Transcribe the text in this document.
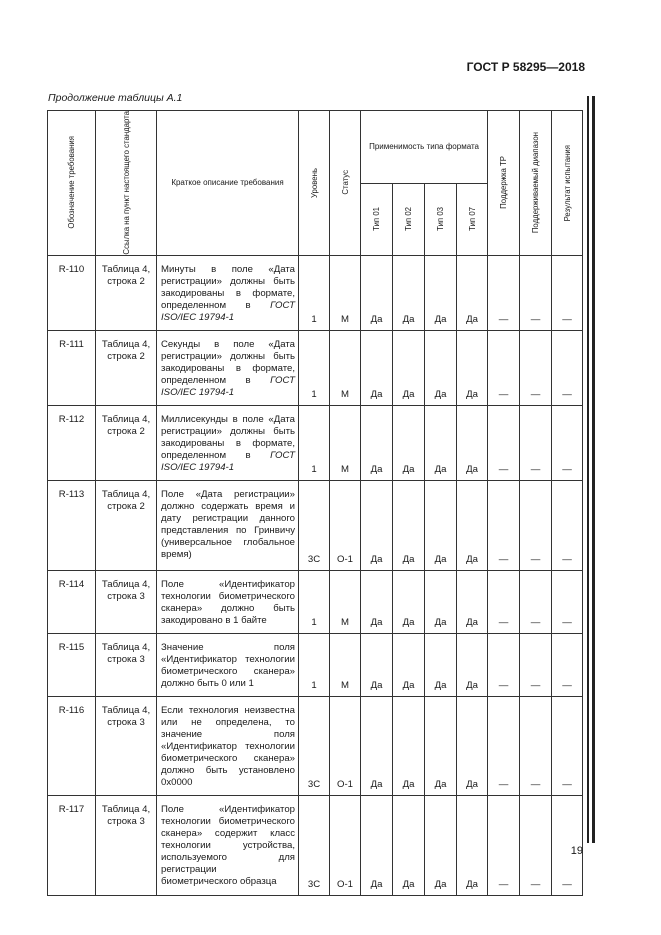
ГОСТ Р 58295—2018
Продолжение таблицы А.1
Обозначение требования	Ссылка на пункт настоящего стандарта	Краткое описание требования	Уровень	Статус	Применимость типа формата				Поддержка ТР	Поддерживаемый диапазон	Результат испытания

					Тип 01	Тип 02	Тип 03	Тип 07			

R-110	Таблица 4, строка 2	Минуты в поле «Дата регистрации» должны быть закодированы в формате, определенном в ГОСТ ISO/IEC 19794-1	1	М	Да	Да	Да	Да	—	—	—
R-111	Таблица 4, строка 2	Секунды в поле «Дата регистрации» должны быть закодированы в формате, определенном в ГОСТ ISO/IEC 19794-1	1	М	Да	Да	Да	Да	—	—	—
R-112	Таблица 4, строка 2	Миллисекунды в поле «Дата регистрации» должны быть закодированы в формате, определенном в ГОСТ ISO/IEC 19794-1	1	М	Да	Да	Да	Да	—	—	—
R-113	Таблица 4, строка 2	Поле «Дата регистрации» должно содержать время и дату регистрации данного представления по Гринвичу (универсальное глобальное время)	3С	О-1	Да	Да	Да	Да	—	—	—
R-114	Таблица 4, строка 3	Поле «Идентификатор технологии биометрического сканера» должно быть закодировано в 1 байте	1	М	Да	Да	Да	Да	—	—	—
R-115	Таблица 4, строка 3	Значение поля «Идентификатор технологии биометрического сканера» должно быть 0 или 1	1	М	Да	Да	Да	Да	—	—	—
R-116	Таблица 4, строка 3	Если технология неизвестна или не определена, то значение поля «Идентификатор технологии биометрического сканера» должно быть установлено 0x0000	3С	О-1	Да	Да	Да	Да	—	—	—
R-117	Таблица 4, строка 3	Поле «Идентификатор технологии биометрического сканера» содержит класс технологии устройства, используемого для регистрации биометрического образца	3С	О-1	Да	Да	Да	Да	—	—	—
19
